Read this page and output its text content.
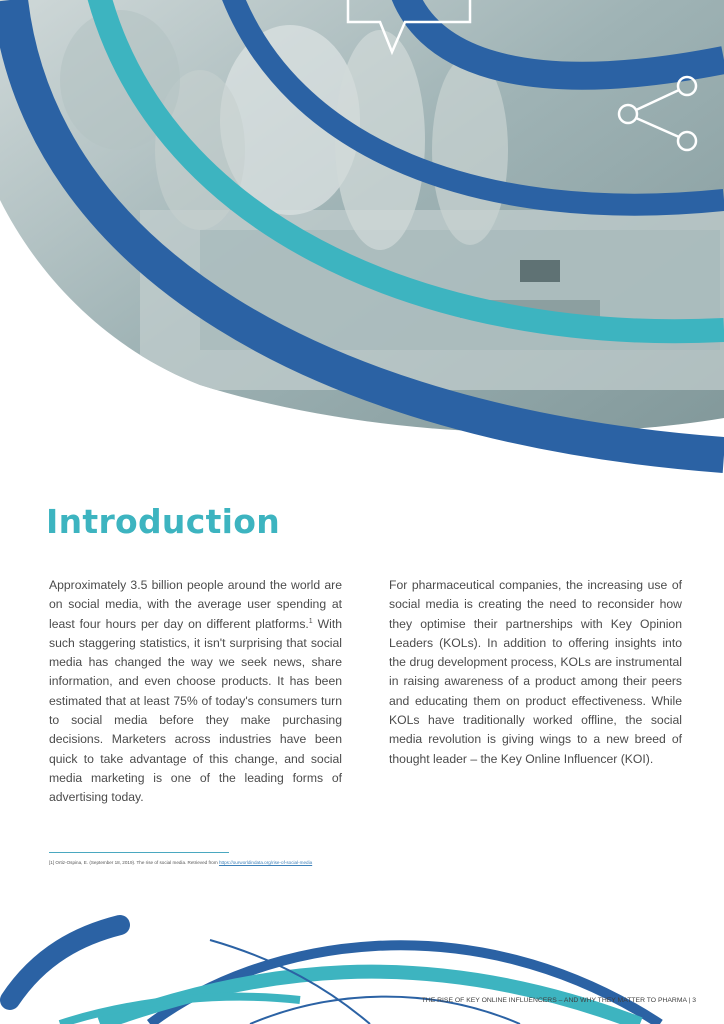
Introduction
Approximately 3.5 billion people around the world are on social media, with the average user spending at least four hours per day on different platforms.$^1$ With such staggering statistics, it isn't surprising that social media has changed the way we seek news, share information, and even choose products. It has been estimated that at least 75% of today's consumers turn to social media before they make purchasing decisions. Marketers across industries have been quick to take advantage of this change, and social media marketing is one of the leading forms of advertising today.
For pharmaceutical companies, the increasing use of social media is creating the need to reconsider how they optimise their partnerships with Key Opinion Leaders (KOLs). In addition to offering insights into the drug development process, KOLs are instrumental in raising awareness of a product among their peers and educating them on product effectiveness. While KOLs have traditionally worked offline, the social media revolution is giving wings to a new breed of thought leader – the Key Online Influencer (KOI).
[1] Ortiz-Ospina, E. (September 18, 2019). The rise of social media. Retrieved from https://ourworldindata.org/rise-of-social-media
THE RISE OF KEY ONLINE INFLUENCERS – AND WHY THEY MATTER TO PHARMA | 3
